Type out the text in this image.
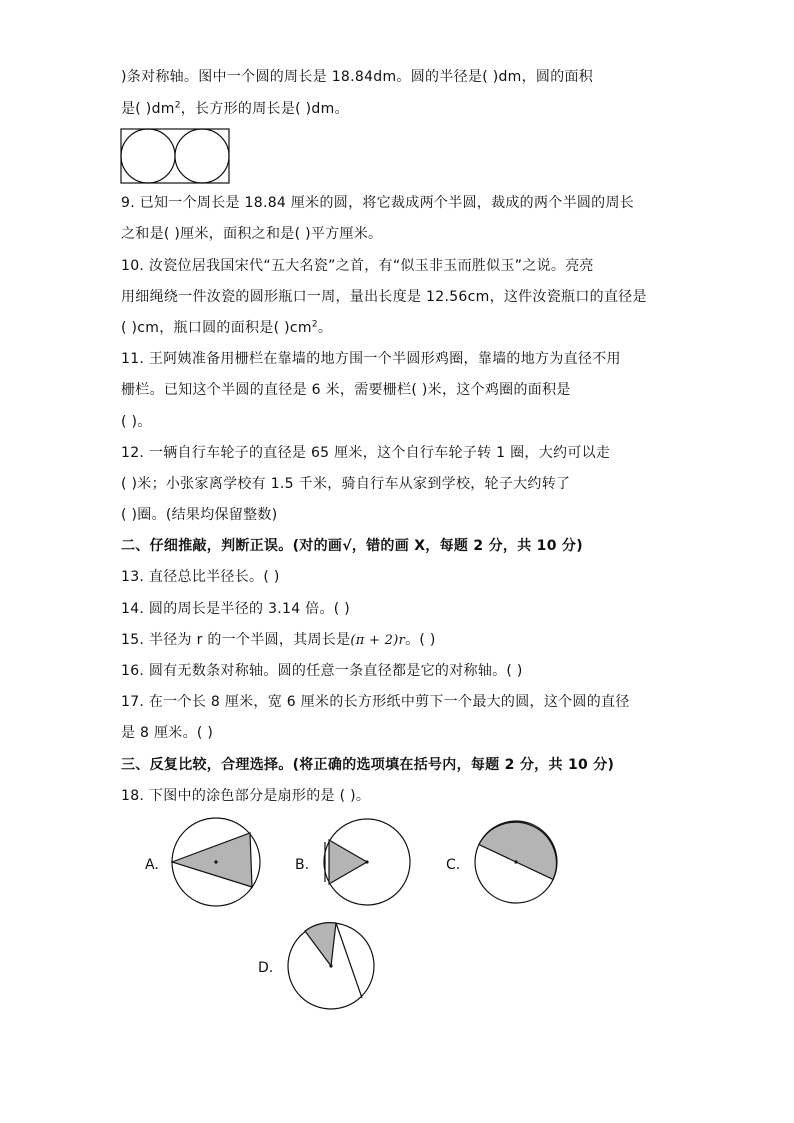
)条对称轴。图中一个圆的周长是 18.84dm。圆的半径是( )dm，圆的面积
是( )$dm^2$，长方形的周长是( )dm。
9. 已知一个周长是 18.84 厘米的圆，将它裁成两个半圆，裁成的两个半圆的周长
之和是( )厘米，面积之和是( )平方厘米。
10. 汝瓷位居我国宋代“五大名瓷”之首，有“似玉非玉而胜似玉”之说。亮亮
用细绳绕一件汝瓷的圆形瓶口一周，量出长度是 12.56cm，这件汝瓷瓶口的直径是
( )cm，瓶口圆的面积是( )$cm^2$。
11. 王阿姨准备用栅栏在靠墙的地方围一个半圆形鸡圈，靠墙的地方为直径不用
栅栏。已知这个半圆的直径是 6 米，需要栅栏( )米，这个鸡圈的面积是
( )。
12. 一辆自行车轮子的直径是 65 厘米，这个自行车轮子转 1 圈，大约可以走
( )米；小张家离学校有 1.5 千米，骑自行车从家到学校，轮子大约转了
( )圈。(结果均保留整数)
二、仔细推敲，判断正误。(对的画√，错的画 X，每题 2 分，共 10 分)
13. 直径总比半径长。( )
14. 圆的周长是半径的 3.14 倍。( )
15. 半径为 r 的一个半圆，其周长是(π + 2)r。( )
16. 圆有无数条对称轴。圆的任意一条直径都是它的对称轴。( )
17. 在一个长 8 厘米，宽 6 厘米的长方形纸中剪下一个最大的圆，这个圆的直径
是 8 厘米。( )
三、反复比较，合理选择。(将正确的选项填在括号内，每题 2 分，共 10 分)
18. 下图中的涂色部分是扇形的是 ( )。
A.	B.	C.
D.
